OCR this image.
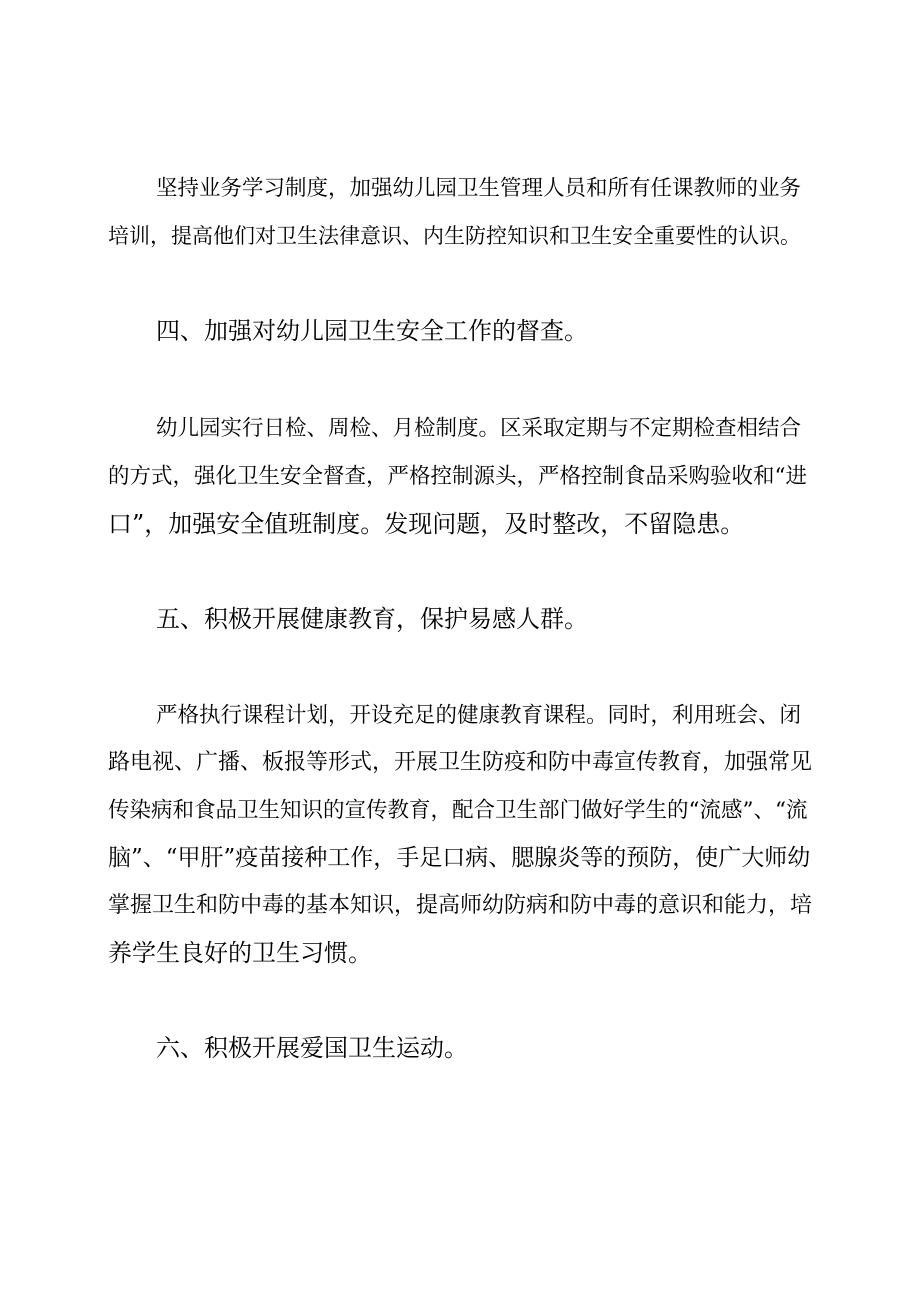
坚持业务学习制度，加强幼儿园卫生管理人员和所有任课教师的业务
培训，提高他们对卫生法律意识、内生防控知识和卫生安全重要性的认识。
四、加强对幼儿园卫生安全工作的督查。
幼儿园实行日检、周检、月检制度。区采取定期与不定期检查相结合
的方式，强化卫生安全督查，严格控制源头，严格控制食品采购验收和“进
口”，加强安全值班制度。发现问题，及时整改，不留隐患。
五、积极开展健康教育，保护易感人群。
严格执行课程计划，开设充足的健康教育课程。同时，利用班会、闭
路电视、广播、板报等形式，开展卫生防疫和防中毒宣传教育，加强常见
传染病和食品卫生知识的宣传教育，配合卫生部门做好学生的“流感”、“流
脑”、“甲肝”疫苗接种工作，手足口病、腮腺炎等的预防，使广大师幼
掌握卫生和防中毒的基本知识，提高师幼防病和防中毒的意识和能力，培
养学生良好的卫生习惯。
六、积极开展爱国卫生运动。
